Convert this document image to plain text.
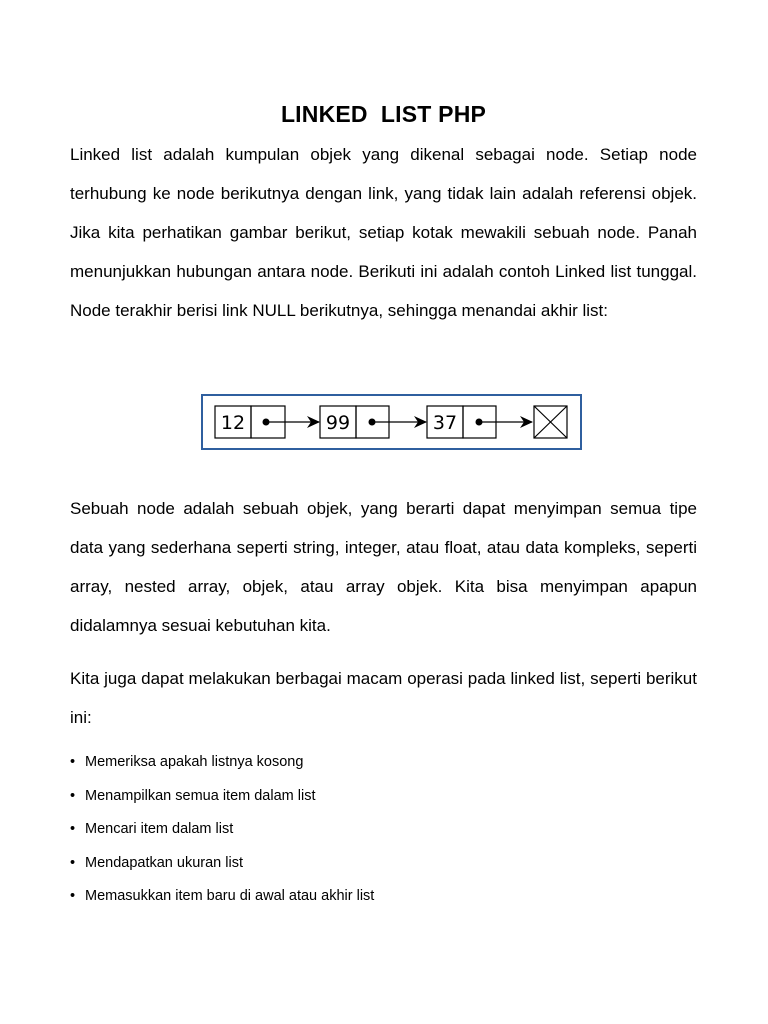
LINKED  LIST PHP
Linked list adalah kumpulan objek yang dikenal sebagai node. Setiap node terhubung ke node berikutnya dengan link, yang tidak lain adalah referensi objek. Jika kita perhatikan gambar berikut, setiap kotak mewakili sebuah node. Panah menunjukkan hubungan antara node. Berikuti ini adalah contoh Linked list tunggal. Node terakhir berisi link NULL berikutnya, sehingga menandai akhir list:
12	99	37
Sebuah node adalah sebuah objek, yang berarti dapat menyimpan semua tipe data yang sederhana seperti string, integer, atau float, atau data kompleks, seperti array, nested array, objek, atau array objek. Kita bisa menyimpan apapun didalamnya sesuai kebutuhan kita.
Kita juga dapat melakukan berbagai macam operasi pada linked list, seperti berikut ini:
• Memeriksa apakah listnya kosong
• Menampilkan semua item dalam list
• Mencari item dalam list
• Mendapatkan ukuran list
• Memasukkan item baru di awal atau akhir list
